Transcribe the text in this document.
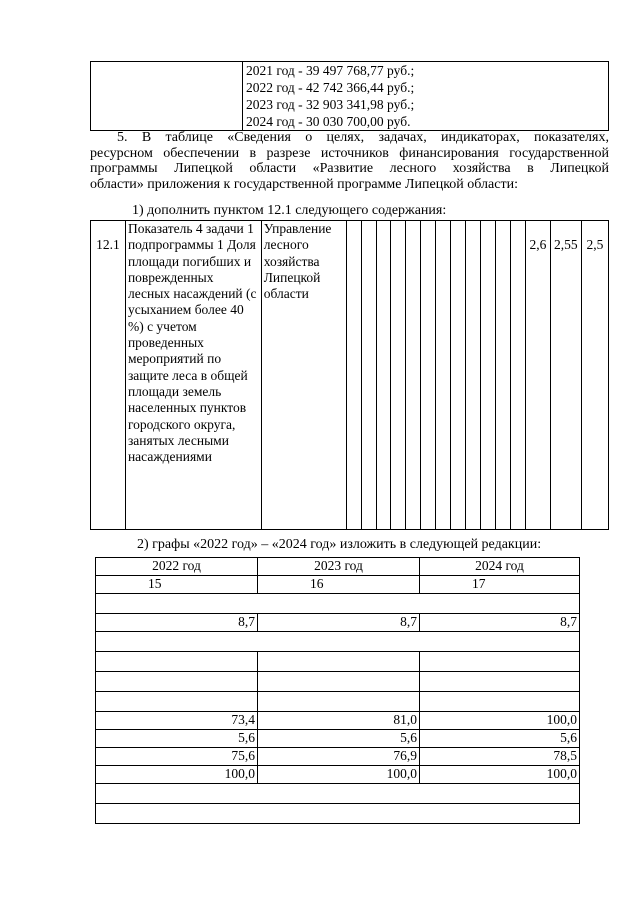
2021 год - 39 497 768,77 руб.;
2022 год - 42 742 366,44 руб.;
2023 год - 32 903 341,98 руб.;
2024 год - 30 030 700,00 руб.
5. В таблице «Сведения о целях, задачах, индикаторах, показателях,
ресурсном обеспечении в разрезе источников финансирования государственной
программы Липецкой области «Развитие лесного хозяйства в Липецкой
области» приложения к государственной программе Липецкой области:
1) дополнить пунктом 12.1 следующего содержания:
12.1	Показатель 4 задачи 1 подпрограммы 1 Доля площади погибших и поврежденных лесных насаждений (с усыханием более 40 %) с учетом проведенных мероприятий по защите леса в общей площади земель населенных пунктов городского округа, занятых лесными насаждениями	Управление лесного хозяйства Липецкой области													2,6	2,55	2,5
2) графы «2022 год» – «2024 год» изложить в следующей редакции:
2022 год	2023 год	2024 год
15	16	17

8,7	8,7	8,7

73,4	81,0	100,0
5,6	5,6	5,6
75,6	76,9	78,5
100,0	100,0	100,0
